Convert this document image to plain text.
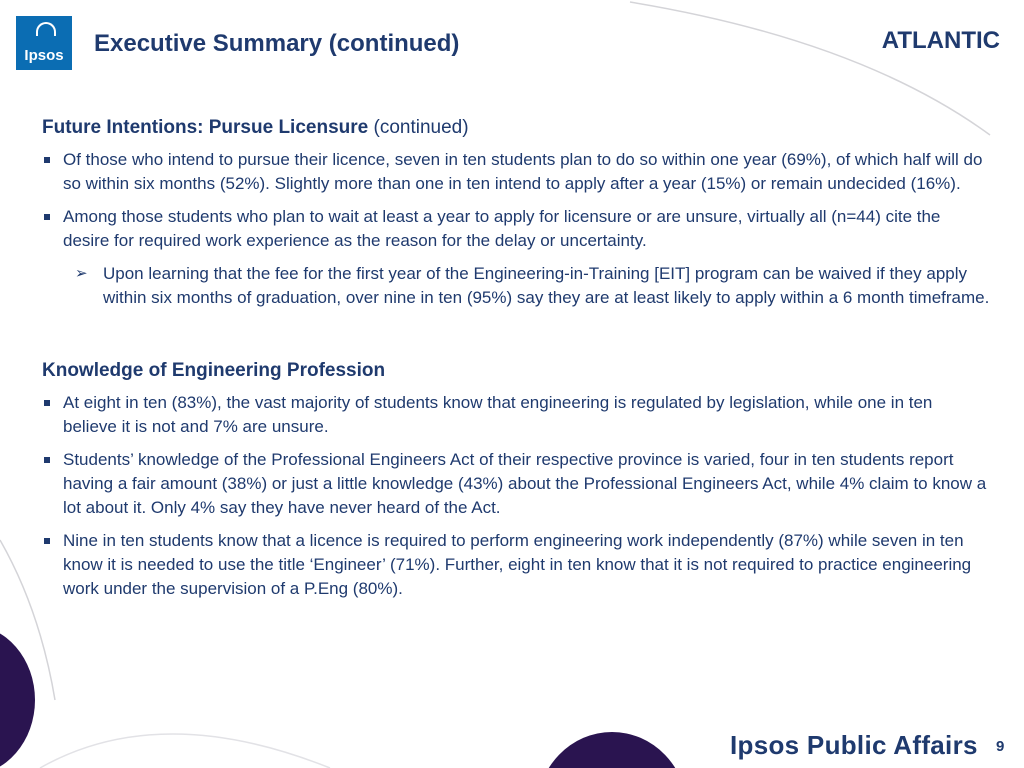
Ipsos Executive Summary (continued)	ATLANTIC
Future Intentions: Pursue Licensure (continued)
Of those who intend to pursue their licence, seven in ten students plan to do so within one year (69%), of which half will do so within six months (52%). Slightly more than one in ten intend to apply after a year (15%) or remain undecided (16%).
Among those students who plan to wait at least a year to apply for licensure or are unsure, virtually all (n=44) cite the desire for required work experience as the reason for the delay or uncertainty.
➢ Upon learning that the fee for the first year of the Engineering-in-Training [EIT] program can be waived if they apply within six months of graduation, over nine in ten (95%) say they are at least likely to apply within a 6 month timeframe.
Knowledge of Engineering Profession
At eight in ten (83%), the vast majority of students know that engineering is regulated by legislation, while one in ten believe it is not and 7% are unsure.
Students’ knowledge of the Professional Engineers Act of their respective province is varied, four in ten students report having a fair amount (38%) or just a little knowledge (43%) about the Professional Engineers Act, while 4% claim to know a lot about it. Only 4% say they have never heard of the Act.
Nine in ten students know that a licence is required to perform engineering work independently (87%) while seven in ten know it is needed to use the title ‘Engineer’ (71%). Further, eight in ten know that it is not required to practice engineering work under the supervision of a P.Eng (80%).
Ipsos Public Affairs 9
